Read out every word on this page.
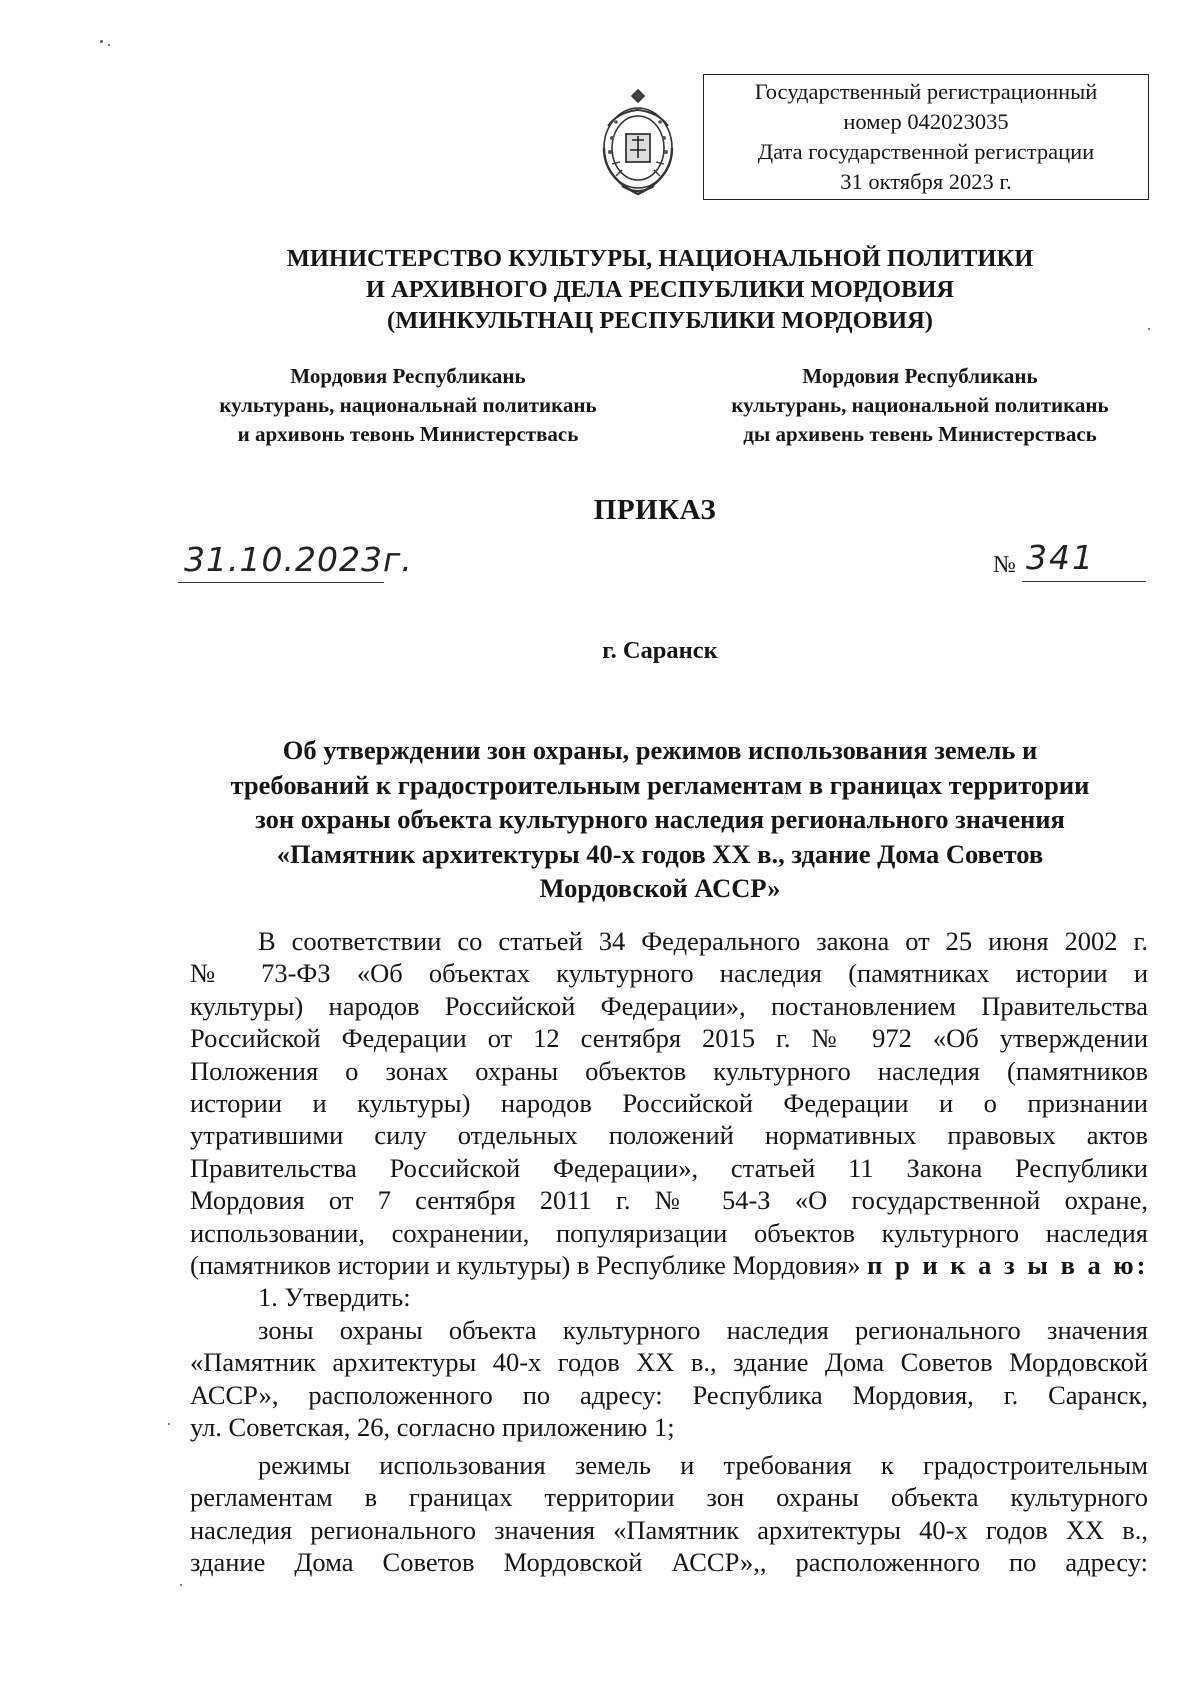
Государственный регистрационный
номер 042023035
Дата государственной регистрации
31 октября 2023 г.
МИНИСТЕРСТВО КУЛЬТУРЫ, НАЦИОНАЛЬНОЙ ПОЛИТИКИ
И АРХИВНОГО ДЕЛА РЕСПУБЛИКИ МОРДОВИЯ
(МИНКУЛЬТНАЦ РЕСПУБЛИКИ МОРДОВИЯ)
Мордовия Республикань
культурань, национальнай политикань
и архивонь тевонь Министерствась
Мордовия Республикань
культурань, национальной политикань
ды архивень тевень Министерствась
ПРИКАЗ
31.10.2023г.	№ 341
г. Саранск
Об утверждении зон охраны, режимов использования земель и
требований к градостроительным регламентам в границах территории
зон охраны объекта культурного наследия регионального значения
«Памятник архитектуры 40-х годов XX в., здание Дома Советов
Мордовской АССР»
В соответствии со статьей 34 Федерального закона от 25 июня 2002 г.
№ 73-ФЗ «Об объектах культурного наследия (памятниках истории и
культуры) народов Российской Федерации», постановлением Правительства
Российской Федерации от 12 сентября 2015 г. № 972 «Об утверждении
Положения о зонах охраны объектов культурного наследия (памятников
истории и культуры) народов Российской Федерации и о признании
утратившими силу отдельных положений нормативных правовых актов
Правительства Российской Федерации», статьей 11 Закона Республики
Мордовия от 7 сентября 2011 г. № 54-З «О государственной охране,
использовании, сохранении, популяризации объектов культурного наследия
(памятников истории и культуры) в Республике Мордовия» п р и к а з ы в а ю:
1. Утвердить:
зоны охраны объекта культурного наследия регионального значения
«Памятник архитектуры 40-х годов XX в., здание Дома Советов Мордовской
АССР», расположенного по адресу: Республика Мордовия, г. Саранск,
ул. Советская, 26, согласно приложению 1;
режимы использования земель и требования к градостроительным
регламентам в границах территории зон охраны объекта культурного
наследия регионального значения «Памятник архитектуры 40-х годов XX в.,
здание Дома Советов Мордовской АССР»,, расположенного по адресу:
